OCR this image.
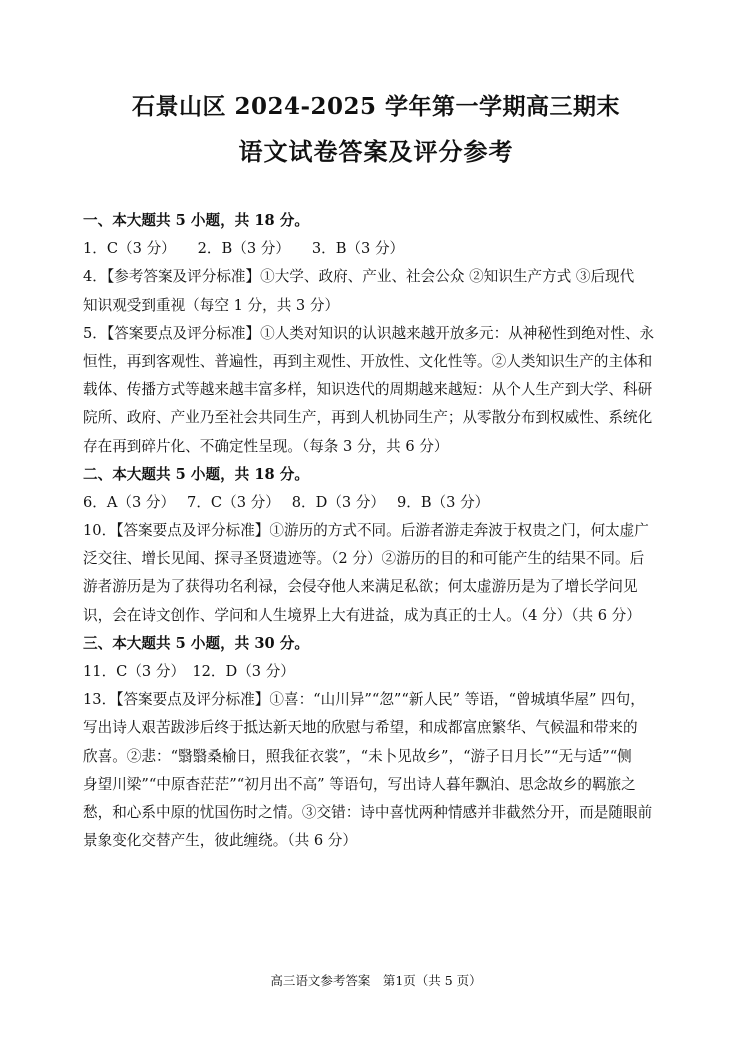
石景山区 2024-2025 学年第一学期高三期末
语文试卷答案及评分参考
一、本大题共 5 小题，共 18 分。
1．C（3 分）　　2．B（3 分）　　3．B（3 分）
4．【参考答案及评分标准】①大学、政府、产业、社会公众 ②知识生产方式 ③后现代
知识观受到重视（每空 1 分，共 3 分）
5．【答案要点及评分标准】①人类对知识的认识越来越开放多元：从神秘性到绝对性、永
恒性，再到客观性、普遍性，再到主观性、开放性、文化性等。②人类知识生产的主体和
载体、传播方式等越来越丰富多样，知识迭代的周期越来越短：从个人生产到大学、科研
院所、政府、产业乃至社会共同生产，再到人机协同生产；从零散分布到权威性、系统化
存在再到碎片化、不确定性呈现。（每条 3 分，共 6 分）
二、本大题共 5 小题，共 18 分。
6．A（3 分）　 7．C（3 分）　 8．D（3 分）　 9．B（3 分）
10．【答案要点及评分标准】①游历的方式不同。后游者游走奔波于权贵之门，何太虚广
泛交往、增长见闻、探寻圣贤遗迹等。（2 分）②游历的目的和可能产生的结果不同。后
游者游历是为了获得功名利禄，会侵夺他人来满足私欲；何太虚游历是为了增长学问见
识，会在诗文创作、学问和人生境界上大有进益，成为真正的士人。（4 分）（共 6 分）
三、本大题共 5 小题，共 30 分。
11．C（3 分）　12．D（3 分）
13．【答案要点及评分标准】①喜：“山川异”“忽”“新人民” 等语，“曾城填华屋” 四句，
写出诗人艰苦跋涉后终于抵达新天地的欣慰与希望，和成都富庶繁华、气候温和带来的
欣喜。②悲：“翳翳桑榆日，照我征衣裳”，“未卜见故乡”，“游子日月长”“无与适”“侧
身望川梁”“中原杳茫茫”“初月出不高” 等语句，写出诗人暮年飘泊、思念故乡的羁旅之
愁，和心系中原的忧国伤时之情。③交错：诗中喜忧两种情感并非截然分开，而是随眼前
景象变化交替产生，彼此缠绕。（共 6 分）
高三语文参考答案　第1页（共 5 页）
